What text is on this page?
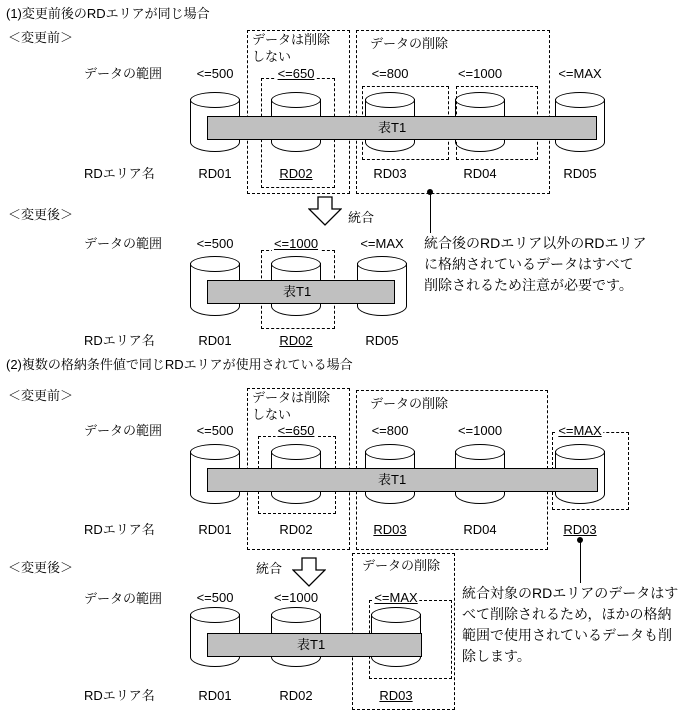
(1)変更前後のRDエリアが同じ場合
(2)複数の格納条件値で同じRDエリアが使用されている場合
＜変更前＞
データの範囲
RDエリア名
データは削除
しない
データの削除
<=500
RD01
<=650
RD02
<=800
RD03
<=1000
RD04
<=MAX
RD05
表T1
＜変更後＞
データの範囲
RDエリア名
<=500
RD01
<=1000
RD02
<=MAX
RD05
表T1
統合
統合後のRDエリア以外のRDエリア
に格納されているデータはすべて
削除されるため注意が必要です。
＜変更前＞
データの範囲
RDエリア名
データは削除
しない
データの削除
<=500
RD01
<=650
RD02
<=800
RD03
<=1000
RD04
<=MAX
RD03
表T1
＜変更後＞
データの範囲
RDエリア名
データの削除
<=500
RD01
<=1000
RD02
<=MAX
RD03
表T1
統合
統合対象のRDエリアのデータはす
べて削除されるため，ほかの格納
範囲で使用されているデータも削
除します。
